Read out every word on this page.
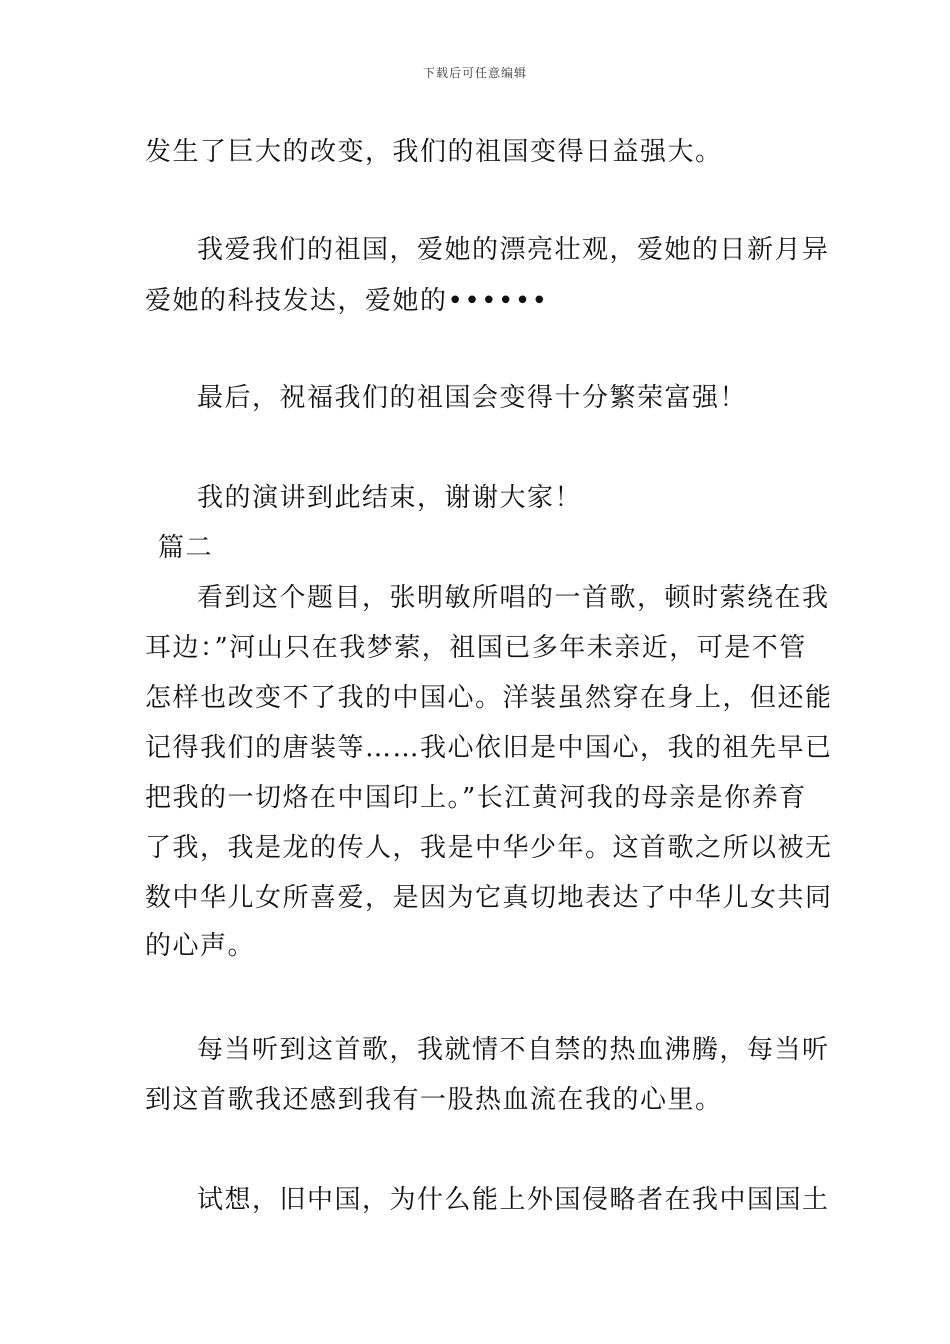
下载后可任意编辑
发生了巨大的改变，我们的祖国变得日益强大。
我爱我们的祖国，爱她的漂亮壮观，爱她的日新月异
爱她的科技发达，爱她的••••••
最后，祝福我们的祖国会变得十分繁荣富强！
我的演讲到此结束，谢谢大家！
篇二
看到这个题目，张明敏所唱的一首歌，顿时萦绕在我
耳边：”河山只在我梦萦，祖国已多年未亲近，可是不管
怎样也改变不了我的中国心。洋装虽然穿在身上，但还能
记得我们的唐装等……我心依旧是中国心，我的祖先早已
把我的一切烙在中国印上。”长江黄河我的母亲是你养育
了我，我是龙的传人，我是中华少年。这首歌之所以被无
数中华儿女所喜爱，是因为它真切地表达了中华儿女共同
的心声。
每当听到这首歌，我就情不自禁的热血沸腾，每当听
到这首歌我还感到我有一股热血流在我的心里。
试想，旧中国，为什么能上外国侵略者在我中国国土
